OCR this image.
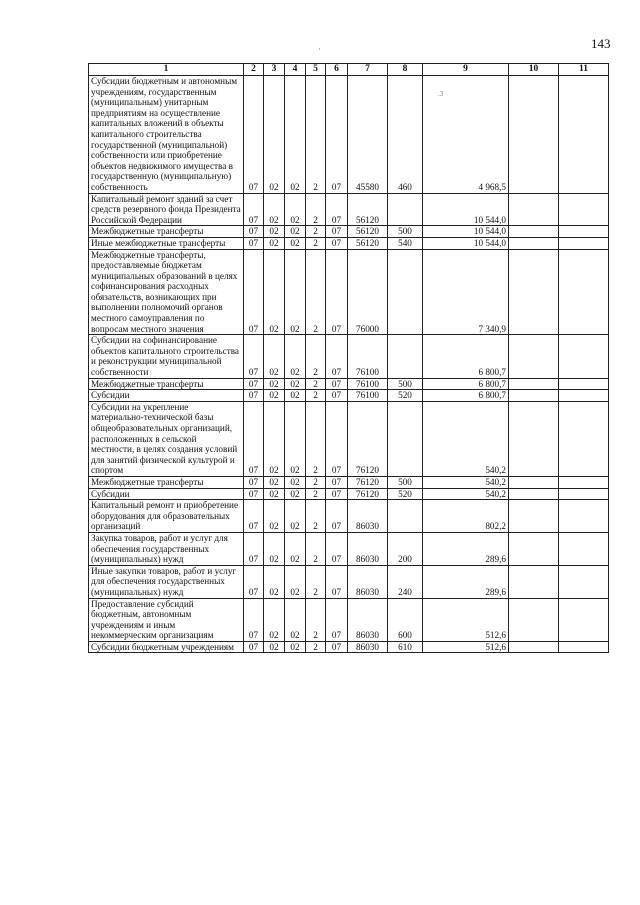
143
·
.3
1	2	3	4	5	6	7	8	9	10	11
Субсидии бюджетным и автономным учреждениям, государственным (муниципальным) унитарным предприятиям на осуществление капитальных вложений в объекты капитального строительства государственной (муниципальной) собственности или приобретение объектов недвижимого имущества в государственную (муниципальную) собственность	07	02	02	2	07	45580	460	4 968,5		
Капитальный ремонт зданий за счет средств резервного фонда Президента Российской Федерации	07	02	02	2	07	56120		10 544,0		
Межбюджетные трансферты	07	02	02	2	07	56120	500	10 544,0		
Иные межбюджетные трансферты	07	02	02	2	07	56120	540	10 544,0		
Межбюджетные трансферты, предоставляемые бюджетам муниципальных образований в целях софинансирования расходных обязательств, возникающих при выполнении полномочий органов местного самоуправления по вопросам местного значения	07	02	02	2	07	76000		7 340,9		
Субсидии на софинансирование объектов капитального строительства и реконструкции муниципальной собственности	07	02	02	2	07	76100		6 800,7		
Межбюджетные трансферты	07	02	02	2	07	76100	500	6 800,7		
Субсидии	07	02	02	2	07	76100	520	6 800,7		
Субсидии на укрепление материально-технической базы общеобразовательных организаций, расположенных в сельской местности, в целях создания условий для занятий физической культурой и спортом	07	02	02	2	07	76120		540,2		
Межбюджетные трансферты	07	02	02	2	07	76120	500	540,2		
Субсидии	07	02	02	2	07	76120	520	540,2		
Капитальный ремонт и приобретение оборудования для образовательных организаций	07	02	02	2	07	86030		802,2		
Закупка товаров, работ и услуг для обеспечения государственных (муниципальных) нужд	07	02	02	2	07	86030	200	289,6		
Иные закупки товаров, работ и услуг для обеспечения государственных (муниципальных) нужд	07	02	02	2	07	86030	240	289,6		
Предоставление субсидий бюджетным, автономным учреждениям и иным некоммерческим организациям	07	02	02	2	07	86030	600	512,6		
Субсидии бюджетным учреждениям	07	02	02	2	07	86030	610	512,6		
